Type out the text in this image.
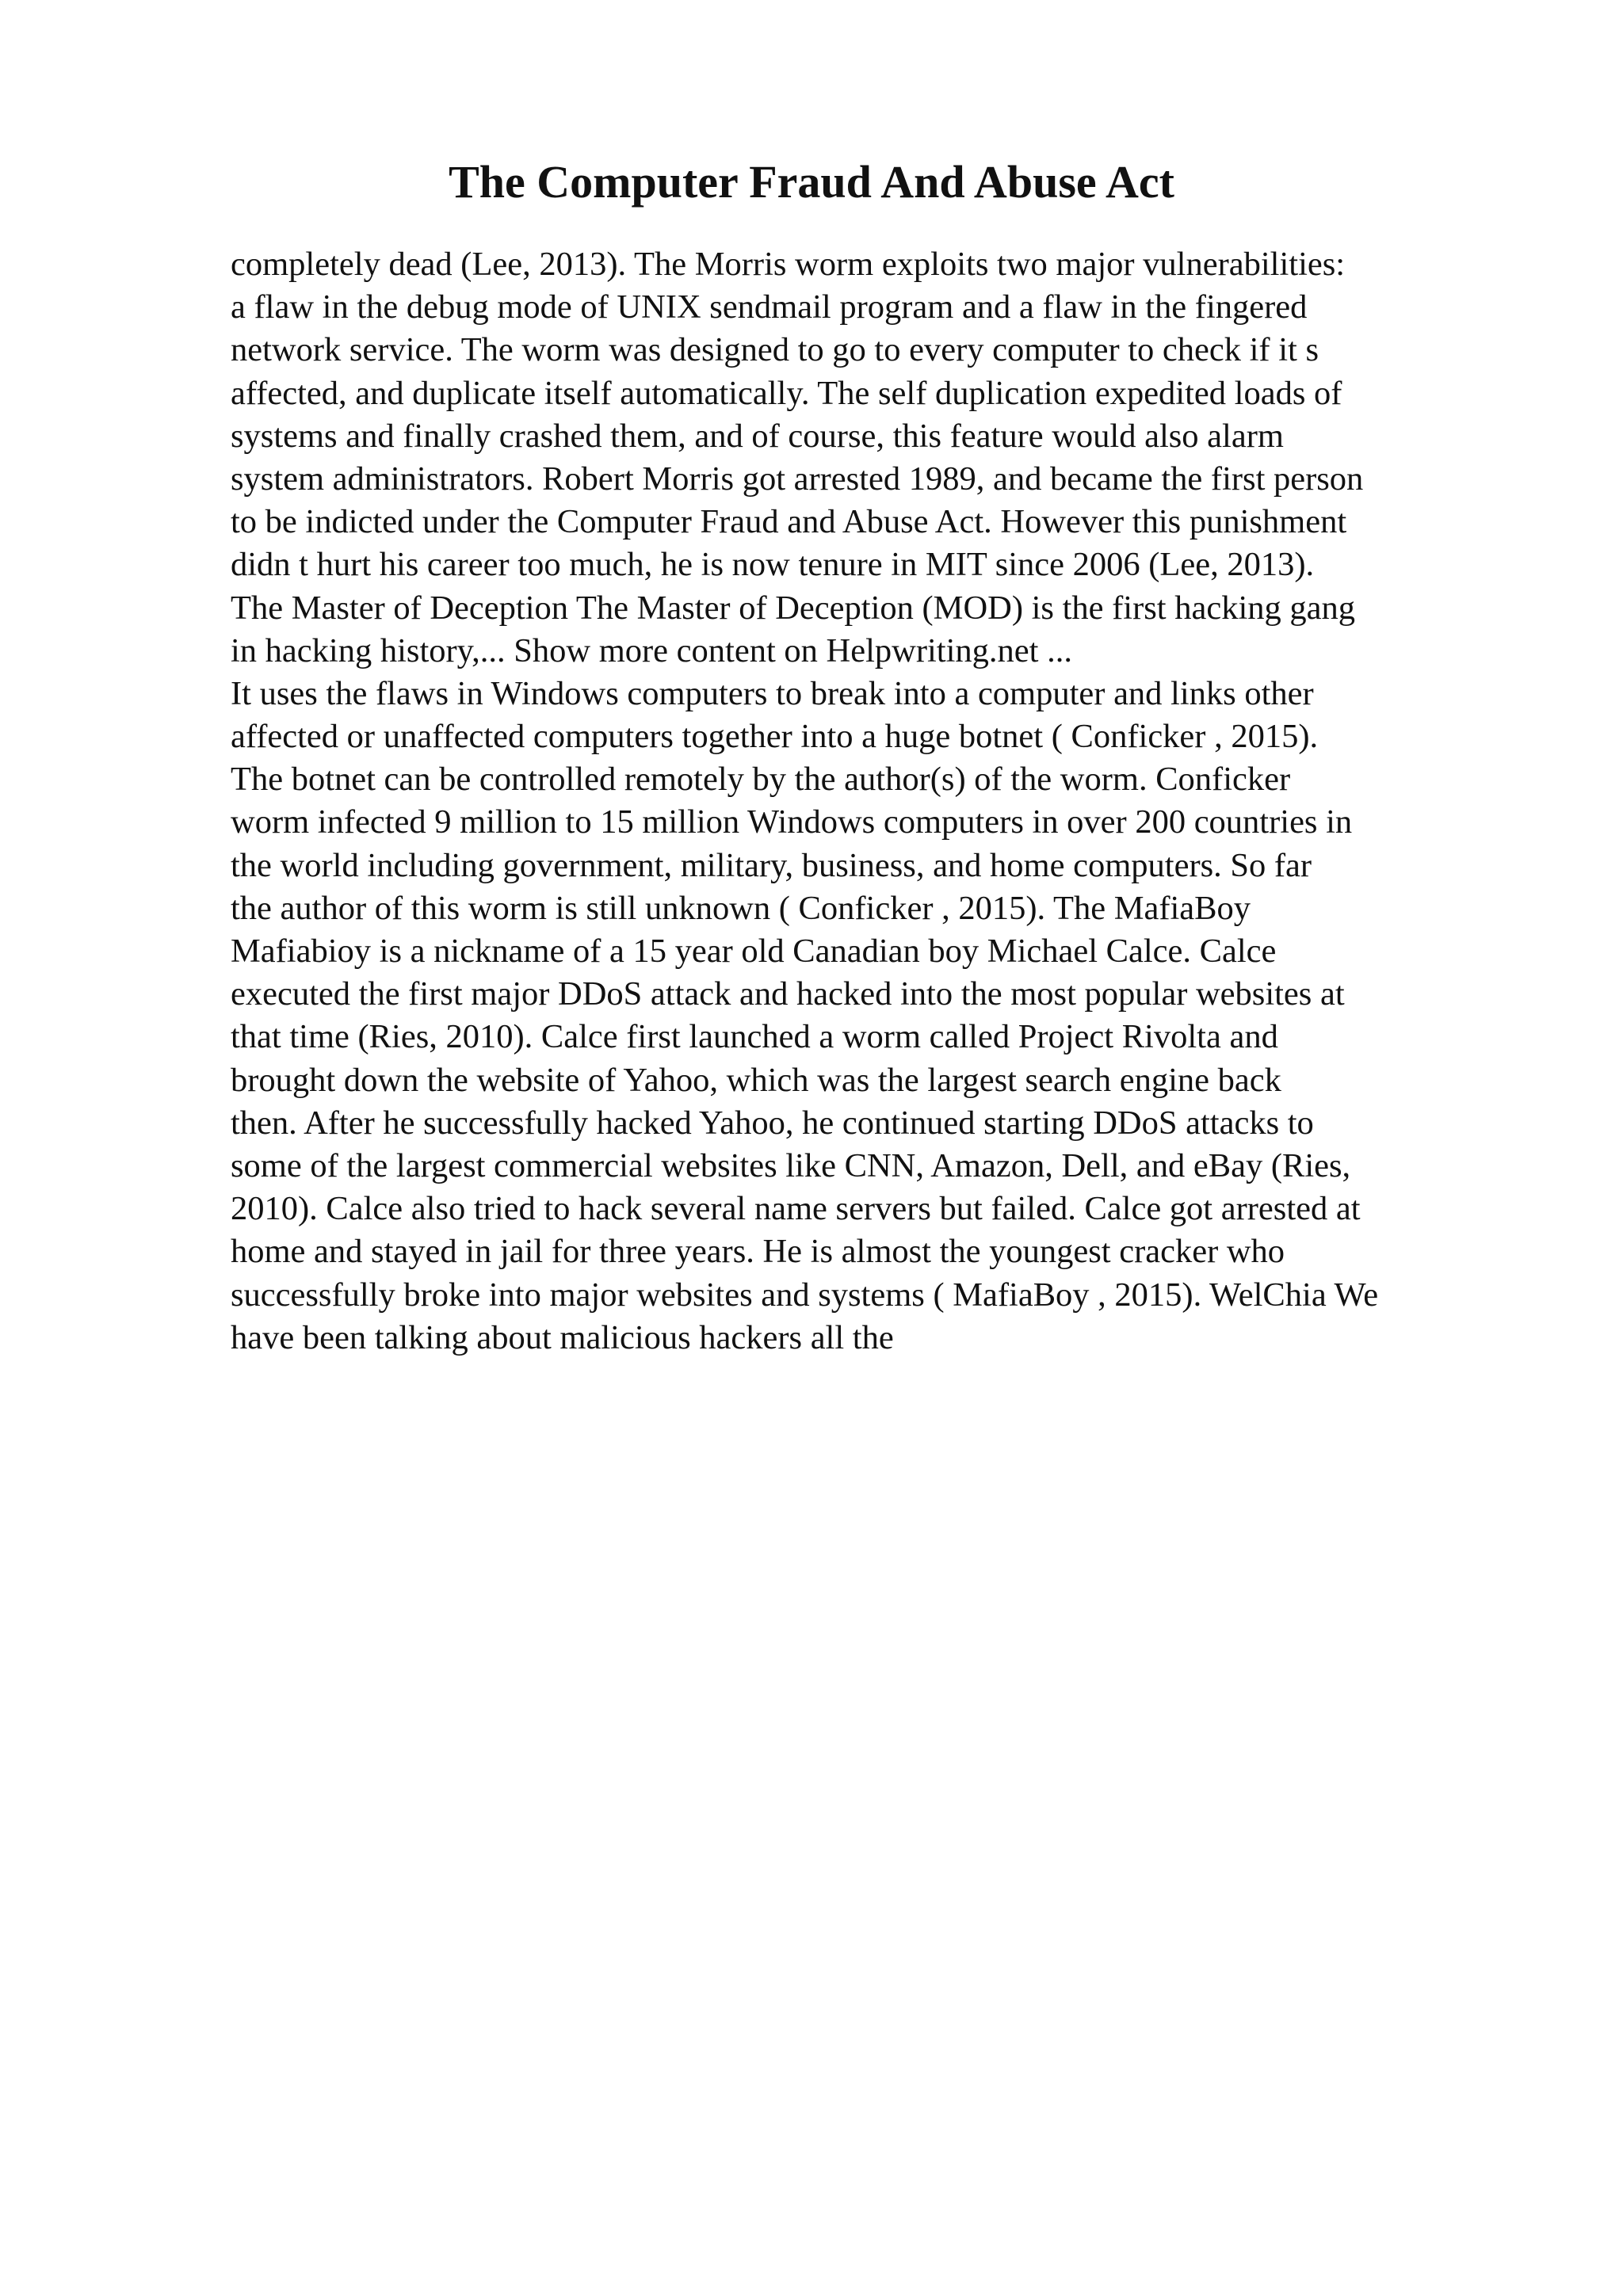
The Computer Fraud And Abuse Act
completely dead (Lee, 2013). The Morris worm exploits two major vulnerabilities:
a flaw in the debug mode of UNIX sendmail program and a flaw in the fingered
network service. The worm was designed to go to every computer to check if it s
affected, and duplicate itself automatically. The self duplication expedited loads of
systems and finally crashed them, and of course, this feature would also alarm
system administrators. Robert Morris got arrested 1989, and became the first person
to be indicted under the Computer Fraud and Abuse Act. However this punishment
didn t hurt his career too much, he is now tenure in MIT since 2006 (Lee, 2013).
The Master of Deception The Master of Deception (MOD) is the first hacking gang
in hacking history,... Show more content on Helpwriting.net ...
It uses the flaws in Windows computers to break into a computer and links other
affected or unaffected computers together into a huge botnet ( Conficker , 2015).
The botnet can be controlled remotely by the author(s) of the worm. Conficker
worm infected 9 million to 15 million Windows computers in over 200 countries in
the world including government, military, business, and home computers. So far
the author of this worm is still unknown ( Conficker , 2015). The MafiaBoy
Mafiabioy is a nickname of a 15 year old Canadian boy Michael Calce. Calce
executed the first major DDoS attack and hacked into the most popular websites at
that time (Ries, 2010). Calce first launched a worm called Project Rivolta and
brought down the website of Yahoo, which was the largest search engine back
then. After he successfully hacked Yahoo, he continued starting DDoS attacks to
some of the largest commercial websites like CNN, Amazon, Dell, and eBay (Ries,
2010). Calce also tried to hack several name servers but failed. Calce got arrested at
home and stayed in jail for three years. He is almost the youngest cracker who
successfully broke into major websites and systems ( MafiaBoy , 2015). WelChia We
have been talking about malicious hackers all the
